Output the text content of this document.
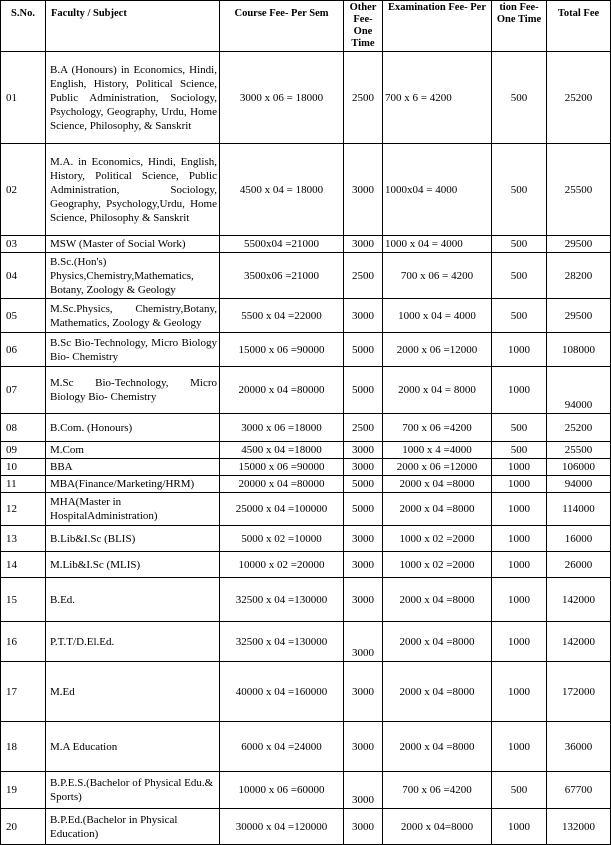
S.No.	Faculty / Subject	Course Fee- Per Sem	Other Fee- One Time	Examination Fee- Per	tion Fee- One Time	Total Fee
01	B.A (Honours) in Economics, Hindi, English, History, Political Science, Public Administration, Sociology, Psychology, Geography, Urdu, Home Science, Philosophy, & Sanskrit	3000 x 06 = 18000	2500	700 x 6 = 4200	500	25200
02	M.A. in Economics, Hindi, English, History, Political Science, Public Administration, Sociology, Geography, Psychology,Urdu, Home Science, Philosophy & Sanskrit	4500 x 04 = 18000	3000	1000x04 = 4000	500	25500
03	MSW (Master of Social Work)	5500x04 =21000	3000	1000 x 04 = 4000	500	29500
04	B.Sc.(Hon's) Physics,Chemistry,Mathematics, Botany, Zoology & Geology	3500x06 =21000	2500	700 x 06 = 4200	500	28200
05	M.Sc.Physics, Chemistry,Botany, Mathematics, Zoology & Geology	5500 x 04 =22000	3000	1000 x 04 = 4000	500	29500
06	B.Sc Bio-Technology, Micro Biology Bio- Chemistry	15000 x 06 =90000	5000	2000 x 06 =12000	1000	108000
07	M.Sc Bio-Technology, Micro Biology Bio- Chemistry	20000 x 04 =80000	5000	2000 x 04 = 8000	1000	94000
08	B.Com. (Honours)	3000 x 06 =18000	2500	700 x 06 =4200	500	25200
09	M.Com	4500 x 04 =18000	3000	1000 x 4 =4000	500	25500
10	BBA	15000 x 06 =90000	3000	2000 x 06 =12000	1000	106000
11	MBA(Finance/Marketing/HRM)	20000 x 04 =80000	5000	2000 x 04 =8000	1000	94000
12	MHA(Master in HospitalAdministration)	25000 x 04 =100000	5000	2000 x 04 =8000	1000	114000
13	B.Lib&I.Sc (BLIS)	5000 x 02 =10000	3000	1000 x 02 =2000	1000	16000
14	M.Lib&I.Sc (MLIS)	10000 x 02 =20000	3000	1000 x 02 =2000	1000	26000
15	B.Ed.	32500 x 04 =130000	3000	2000 x 04 =8000	1000	142000
16	P.T.T/D.El.Ed.	32500 x 04 =130000	3000	2000 x 04 =8000	1000	142000
17	M.Ed	40000 x 04 =160000	3000	2000 x 04 =8000	1000	172000
18	M.A Education	6000 x 04 =24000	3000	2000 x 04 =8000	1000	36000
19	B.P.E.S.(Bachelor of Physical Edu.& Sports)	10000 x 06 =60000	3000	700 x 06 =4200	500	67700
20	B.P.Ed.(Bachelor in Physical Education)	30000 x 04 =120000	3000	2000 x 04=8000	1000	132000
